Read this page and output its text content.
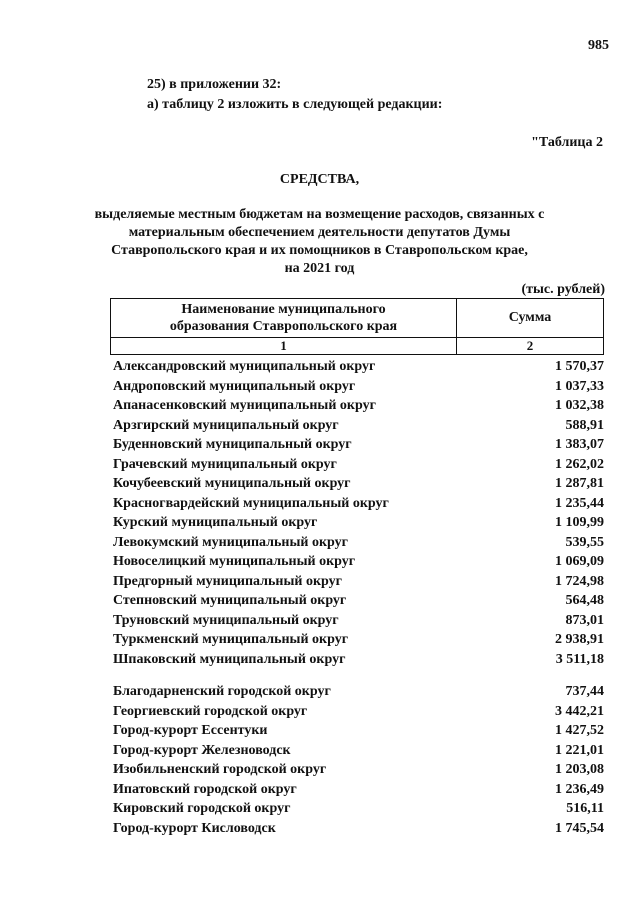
985
25) в приложении 32:
а) таблицу 2 изложить в следующей редакции:
"Таблица 2
СРЕДСТВА,
выделяемые местным бюджетам на возмещение расходов, связанных с
материальным обеспечением деятельности депутатов Думы
Ставропольского края и их помощников в Ставропольском крае,
на 2021 год
(тыс. рублей)
Наименование муниципального
образования Ставропольского края	Сумма
1	2
Александровский муниципальный округ	1 570,37
Андроповский муниципальный округ	1 037,33
Апанасенковский муниципальный округ	1 032,38
Арзгирский муниципальный округ	588,91
Буденновский муниципальный округ	1 383,07
Грачевский муниципальный округ	1 262,02
Кочубеевский муниципальный округ	1 287,81
Красногвардейский муниципальный округ	1 235,44
Курский муниципальный округ	1 109,99
Левокумский муниципальный округ	539,55
Новоселицкий муниципальный округ	1 069,09
Предгорный муниципальный округ	1 724,98
Степновский муниципальный округ	564,48
Труновский муниципальный округ	873,01
Туркменский муниципальный округ	2 938,91
Шпаковский муниципальный округ	3 511,18
Благодарненский городской округ	737,44
Георгиевский городской округ	3 442,21
Город-курорт Ессентуки	1 427,52
Город-курорт Железноводск	1 221,01
Изобильненский городской округ	1 203,08
Ипатовский городской округ	1 236,49
Кировский городской округ	516,11
Город-курорт Кисловодск	1 745,54
